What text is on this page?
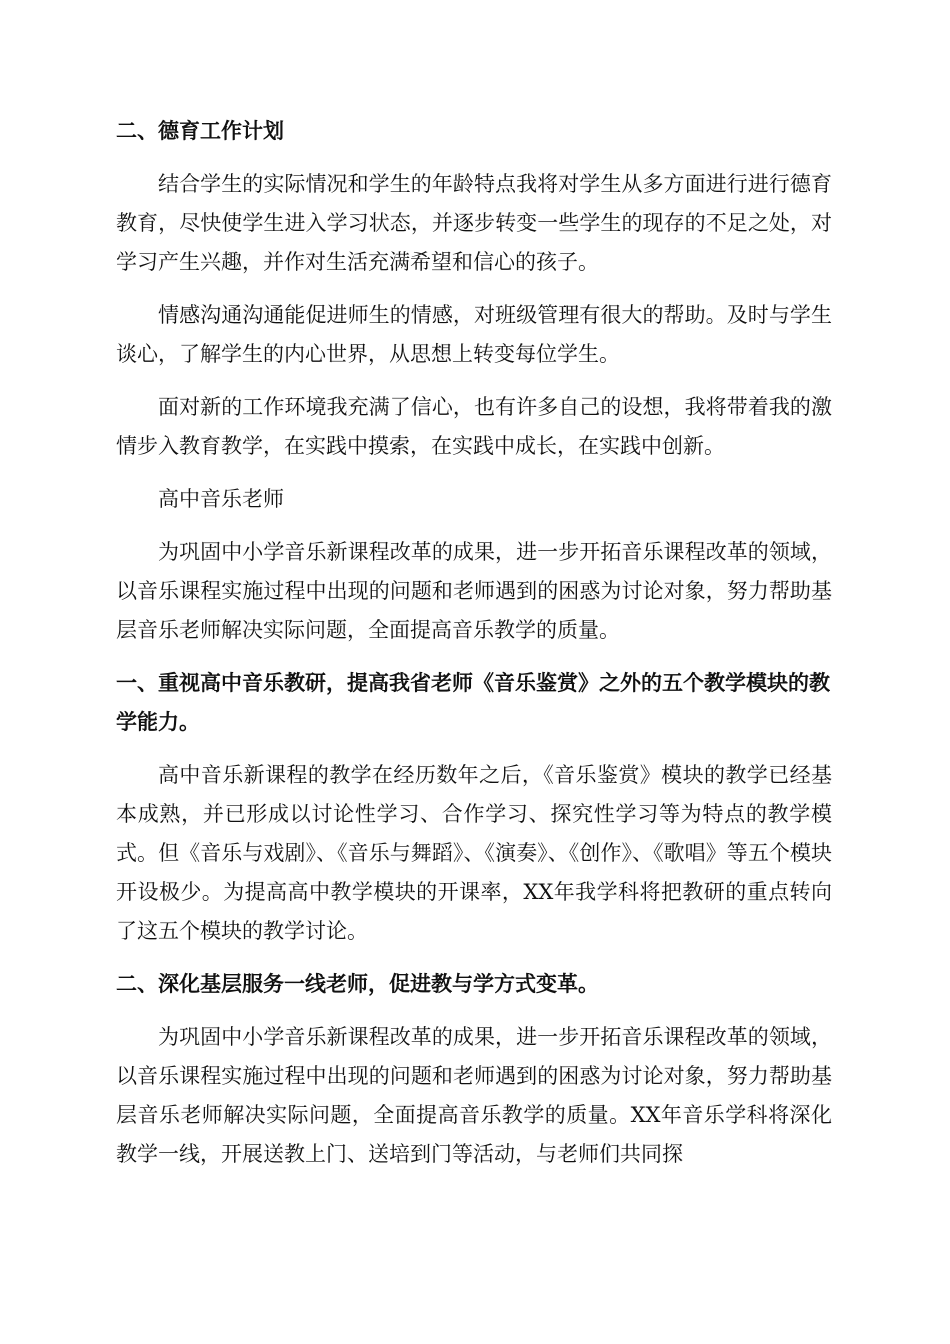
二、德育工作计划
结合学生的实际情况和学生的年龄特点我将对学生从多方面进行进行德育教育，尽快使学生进入学习状态，并逐步转变一些学生的现存的不足之处，对学习产生兴趣，并作对生活充满希望和信心的孩子。
情感沟通沟通能促进师生的情感，对班级管理有很大的帮助。及时与学生谈心，了解学生的内心世界，从思想上转变每位学生。
面对新的工作环境我充满了信心，也有许多自己的设想，我将带着我的激情步入教育教学，在实践中摸索，在实践中成长，在实践中创新。
高中音乐老师
为巩固中小学音乐新课程改革的成果，进一步开拓音乐课程改革的领域，以音乐课程实施过程中出现的问题和老师遇到的困惑为讨论对象，努力帮助基层音乐老师解决实际问题，全面提高音乐教学的质量。
一、重视高中音乐教研，提高我省老师《音乐鉴赏》之外的五个教学模块的教学能力。
高中音乐新课程的教学在经历数年之后，《音乐鉴赏》模块的教学已经基本成熟，并已形成以讨论性学习、合作学习、探究性学习等为特点的教学模式。但《音乐与戏剧》、《音乐与舞蹈》、《演奏》、《创作》、《歌唱》等五个模块开设极少。为提高高中教学模块的开课率，XX年我学科将把教研的重点转向了这五个模块的教学讨论。
二、深化基层服务一线老师，促进教与学方式变革。
为巩固中小学音乐新课程改革的成果，进一步开拓音乐课程改革的领域，以音乐课程实施过程中出现的问题和老师遇到的困惑为讨论对象，努力帮助基层音乐老师解决实际问题，全面提高音乐教学的质量。XX年音乐学科将深化教学一线，开展送教上门、送培到门等活动，与老师们共同探
